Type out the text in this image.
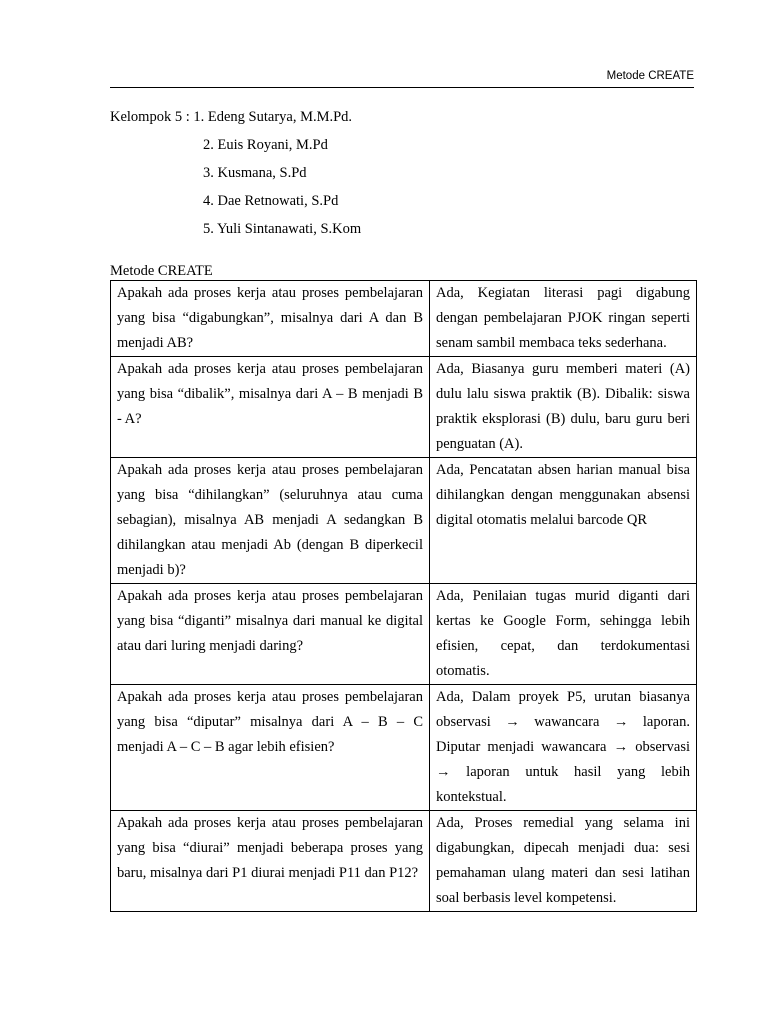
Metode CREATE
Kelompok 5 : 1. Edeng Sutarya, M.M.Pd.
2. Euis Royani, M.Pd
3. Kusmana, S.Pd
4. Dae Retnowati, S.Pd
5. Yuli Sintanawati, S.Kom
Metode CREATE
Apakah ada proses kerja atau proses pembelajaran yang bisa “digabungkan”, misalnya dari A dan B menjadi AB?	Ada, Kegiatan literasi pagi digabung dengan pembelajaran PJOK ringan seperti senam sambil membaca teks sederhana.
Apakah ada proses kerja atau proses pembelajaran yang bisa “dibalik”, misalnya dari A – B menjadi B - A?	Ada, Biasanya guru memberi materi (A) dulu lalu siswa praktik (B). Dibalik: siswa praktik eksplorasi (B) dulu, baru guru beri penguatan (A).
Apakah ada proses kerja atau proses pembelajaran yang bisa “dihilangkan” (seluruhnya atau cuma sebagian), misalnya AB menjadi A sedangkan B dihilangkan atau menjadi Ab (dengan B diperkecil menjadi b)?	Ada, Pencatatan absen harian manual bisa dihilangkan dengan menggunakan absensi digital otomatis melalui barcode QR
Apakah ada proses kerja atau proses pembelajaran yang bisa “diganti” misalnya dari manual ke digital atau dari luring menjadi daring?	Ada, Penilaian tugas murid diganti dari kertas ke Google Form, sehingga lebih efisien, cepat, dan terdokumentasi otomatis.
Apakah ada proses kerja atau proses pembelajaran yang bisa “diputar” misalnya dari A – B – C menjadi A – C – B agar lebih efisien?	Ada, Dalam proyek P5, urutan biasanya observasi → wawancara → laporan. Diputar menjadi wawancara → observasi → laporan untuk hasil yang lebih kontekstual.
Apakah ada proses kerja atau proses pembelajaran yang bisa “diurai” menjadi beberapa proses yang baru, misalnya dari P1 diurai menjadi P11 dan P12?	Ada, Proses remedial yang selama ini digabungkan, dipecah menjadi dua: sesi pemahaman ulang materi dan sesi latihan soal berbasis level kompetensi.
